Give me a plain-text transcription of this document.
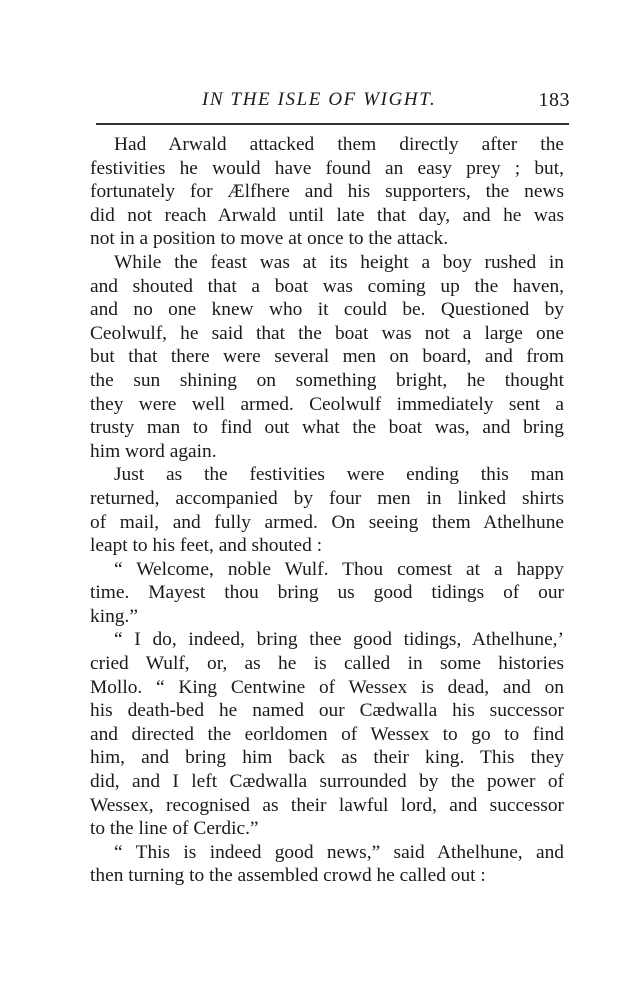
IN THE ISLE OF WIGHT.	183

Had Arwald attacked them directly after the
festivities he would have found an easy prey ; but,
fortunately for Ælfhere and his supporters, the news
did not reach Arwald until late that day, and he was
not in a position to move at once to the attack.

While the feast was at its height a boy rushed in
and shouted that a boat was coming up the haven,
and no one knew who it could be. Questioned by
Ceolwulf, he said that the boat was not a large one
but that there were several men on board, and from
the sun shining on something bright, he thought
they were well armed. Ceolwulf immediately sent a
trusty man to find out what the boat was, and bring
him word again.

Just as the festivities were ending this man
returned, accompanied by four men in linked shirts
of mail, and fully armed. On seeing them Athelhune
leapt to his feet, and shouted :

“ Welcome, noble Wulf. Thou comest at a happy
time. Mayest thou bring us good tidings of our
king.”

“ I do, indeed, bring thee good tidings, Athelhune,’
cried Wulf, or, as he is called in some histories
Mollo. “ King Centwine of Wessex is dead, and on
his death-bed he named our Cædwalla his successor
and directed the eorldomen of Wessex to go to find
him, and bring him back as their king. This they
did, and I left Cædwalla surrounded by the power of
Wessex, recognised as their lawful lord, and successor
to the line of Cerdic.”

“ This is indeed good news,” said Athelhune, and
then turning to the assembled crowd he called out :
